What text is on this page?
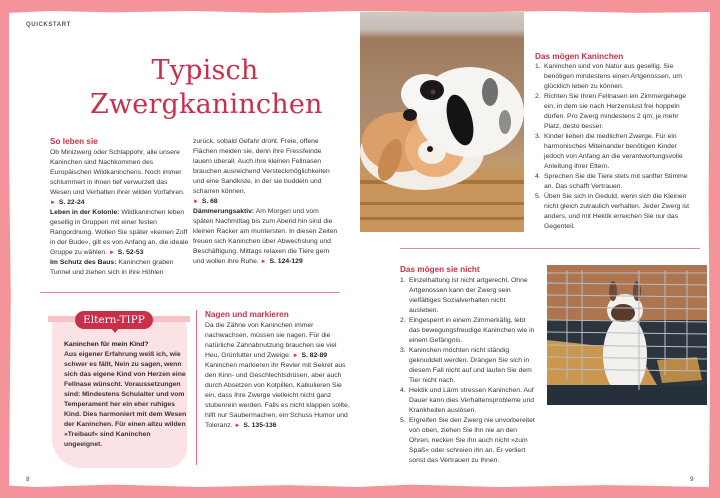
QUICKSTART
Typisch
Zwergkaninchen
So leben sie
Ob Minizwerg oder Schlappohr, alle unsere Kaninchen sind Nachkommen des Europäischen Wildkaninchens. Noch immer schlummert in ihnen tief verwurzelt das Wesen und Verhalten ihrer wilden Vorfahren. ► S. 22-24
Leben in der Kolonie: Wildkaninchen leben gesellig in Gruppen mit einer festen Rangordnung. Wollen Sie später »keinen Zoff in der Bude«, gilt es von Anfang an, die ideale Gruppe zu wählen. ► S. 52-53
Im Schutz des Baus: Kaninchen graben Tunnel und ziehen sich in ihre Höhlen
zurück, sobald Gefahr droht. Freie, offene Flächen meiden sie, denn ihre Fressfeinde lauern überall. Auch ihre kleinen Fellnasen brauchen ausreichend Versteckmöglichkeiten und eine Sandkiste, in der sie buddeln und scharren können.
► S. 68
Dämmerungsaktiv: Am Morgen und vom späten Nachmittag bis zum Abend hin sind die kleinen Racker am muntersten. In diesen Zeiten freuen sich Kaninchen über Abwechslung und Beschäftigung. Mittags relaxen die Tiere gern und wollen ihre Ruhe. ► S. 124-129
Eltern-TIPP
Kaninchen für mein Kind?
Aus eigener Erfahrung weiß ich, wie schwer es fällt, Nein zu sagen, wenn sich das eigene Kind von Herzen eine Fellnase wünscht. Voraussetzungen sind: Mindestens Schulalter und vom Temperament her ein eher ruhiges Kind. Dies harmoniert mit dem Wesen der Kaninchen. Für einen allzu wilden »Treibauf« sind Kaninchen ungeeignet.
Nagen und markieren
Da die Zähne von Kaninchen immer nachwachsen, müssen sie nagen. Für die natürliche Zahnabnutzung brauchen sie viel Heu, Grünfutter und Zweige. ► S. 82-89
Kaninchen markieren ihr Revier mit Sekret aus den Kinn- und Geschlechtsdrüsen, aber auch durch Absetzen von Kotpillen. Kalkulieren Sie ein, dass Ihre Zwerge vielleicht nicht ganz stubenrein werden. Falls es nicht klappen sollte, hilft nur Saubermachen, ein Schuss Humor und Toleranz. ► S. 135-136
Das mögen Kaninchen
1. Kaninchen sind von Natur aus gesellig. Sie benötigen mindestens einen Artgenossen, um glücklich leben zu können.
2. Richten Sie Ihren Fellnasen ein Zimmergehege ein, in dem sie nach Herzenslust frei hoppeln dürfen. Pro Zwerg mindestens 2 qm; je mehr Platz, desto besser.
3. Kinder lieben die niedlichen Zwerge. Für ein harmonisches Miteinander benötigen Kinder jedoch von Anfang an die verantwortungsvolle Anleitung ihrer Eltern.
4. Sprechen Sie die Tiere stets mit sanfter Stimme an. Das schafft Vertrauen.
5. Üben Sie sich in Geduld, wenn sich die Kleinen nicht gleich zutraulich verhalten. Jeder Zwerg ist anders, und mit Hektik erreichen Sie nur das Gegenteil.
Das mögen sie nicht
1. Einzelhaltung ist nicht artgerecht. Ohne Artgenossen kann der Zwerg sein vielfältiges Sozialverhalten nicht ausleben.
2. Eingesperrt in einem Zimmerkäfig, lebt das bewegungsfreudige Kaninchen wie in einem Gefängnis.
3. Kaninchen möchten nicht ständig geknuddelt werden. Drängen Sie sich in diesem Fall nicht auf und laufen Sie dem Tier nicht nach.
4. Hektik und Lärm stressen Kaninchen. Auf Dauer kann dies Verhaltensprobleme und Krankheiten auslösen.
5. Ergreifen Sie den Zwerg nie unvorbereitet von oben, ziehen Sie ihn nie an den Ohren, necken Sie ihn auch nicht »zum Spaß« oder schreien ihn an. Er verliert sonst das Vertrauen zu Ihnen.
8	9
